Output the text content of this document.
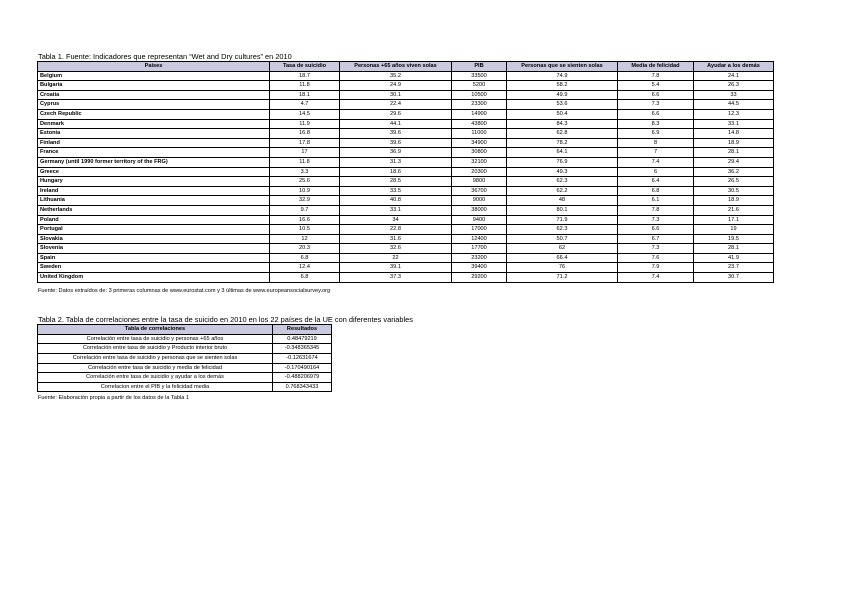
Tabla 1. Fuente: Indicadores que representan “Wet and Dry cultures” en 2010
Países	Tasa de suicidio	Personas +65 años viven solas	PIB	Personas que se sienten solas	Media de felicidad	Ayudar a los demás
Belgium	18.7	35.2	33500	74.9	7.8	24.1
Bulgaria	11.8	24.9	5200	58.2	5.4	26.3
Croatia	18.1	30.1	10500	49.9	6.6	33
Cyprus	4.7	22.4	23300	53.6	7.3	44.5
Czech Republic	14.5	29.6	14900	50.4	6.6	12.3
Denmark	11.9	44.1	43800	84.3	8.3	33.1
Estonia	16.8	39.6	11000	62.8	6.9	14.8
Finland	17.8	39.6	34900	78.2	8	18.9
France	17	36.9	30800	64.1	7	28.1
Germany (until 1990 former territory of the FRG)	11.8	31.3	32100	76.9	7.4	29.4
Greece	3.3	18.6	20300	49.3	6	36.2
Hungary	25.6	28.5	9800	62.3	6.4	26.5
Ireland	10.9	33.5	36700	62.2	6.8	30.5
Lithuania	32.9	40.8	9000	48	6.1	18.9
Netherlands	9.7	33.1	38000	80.1	7.8	21.6
Poland	16.6	34	9400	71.9	7.3	17.1
Portugal	10.5	22.8	17000	62.3	6.6	19
Slovakia	12	31.6	12400	50.7	6.7	19.5
Slovenia	20.3	32.6	17700	62	7.3	28.1
Spain	6.8	22	23200	66.4	7.6	41.9
Sweden	12.4	39.1	39400	76	7.9	23.7
United Kingdom	6.8	37.3	29200	71.2	7.4	30.7
Fuente: Datos extraídos de: 3 primeras columnas de www.eurostat.com y 3 últimas de www.europeansocialsurvey.org
Tabla 2. Tabla de correlaciones entre la tasa de suicido en 2010 en los 22 países de la UE con diferentes variables
Tabla de correlaciones	Resultados
Correlación entre tasa de suicidio y personas +65 años	0.48479219
Correlación entre tasa de suicidio y Producto interior bruto	-0.348365345
Correlación entre tasa de suicidio y personas que se sienten solas	-0.12631674
Correlación entre tasa de suicidio y media de felicidad	-0.170490164
Correlación entre tasa de suicidio y ayudar a los demás	-0.488206979
Correlacion entre el PIB y la felicidad media	0.768343433
Fuente: Elaboración propia a partir de los datos de la Tabla 1
